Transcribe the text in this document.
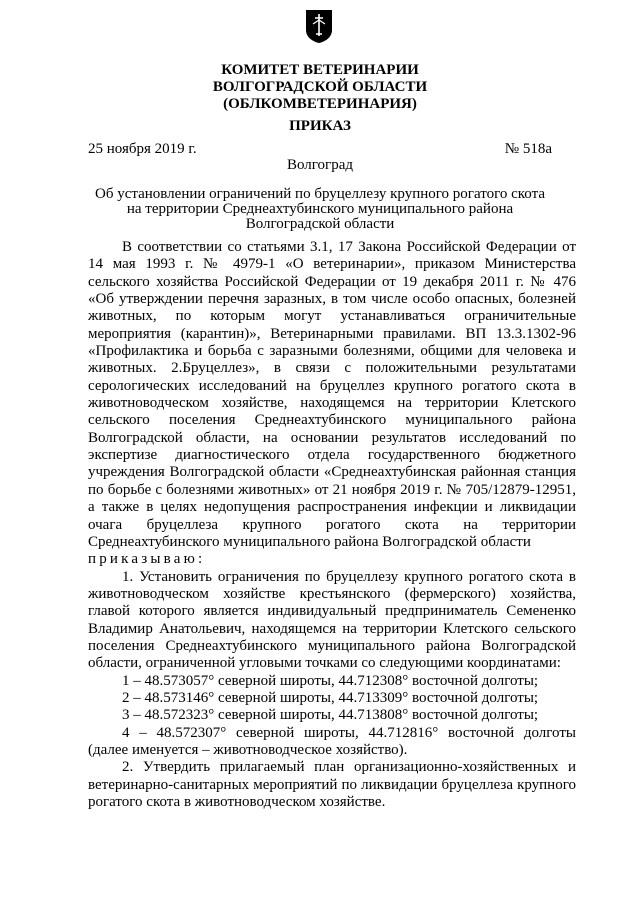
КОМИТЕТ ВЕТЕРИНАРИИ
ВОЛГОГРАДСКОЙ ОБЛАСТИ
(ОБЛКОМВЕТЕРИНАРИЯ)
ПРИКАЗ
25 ноября 2019 г.	№ 518а
Волгоград
Об установлении ограничений по бруцеллезу крупного рогатого скота
на территории Среднеахтубинского муниципального района
Волгоградской области

В соответствии со статьями 3.1, 17 Закона Российской Федерации от 14 мая 1993 г. № 4979-1 «О ветеринарии», приказом Министерства сельского хозяйства Российской Федерации от 19 декабря 2011 г. № 476 «Об утверждении перечня заразных, в том числе особо опасных, болезней животных, по которым могут устанавливаться ограничительные мероприятия (карантин)», Ветеринарными правилами. ВП 13.3.1302-96 «Профилактика и борьба с заразными болезнями, общими для человека и животных. 2.Бруцеллез», в связи с положительными результатами серологических исследований на бруцеллез крупного рогатого скота в животноводческом хозяйстве, находящемся на территории Клетского сельского поселения Среднеахтубинского муниципального района Волгоградской области, на основании результатов исследований по экспертизе диагностического отдела государственного бюджетного учреждения Волгоградской области «Среднеахтубинская районная станция по борьбе с болезнями животных» от 21 ноября 2019 г. № 705/12879-12951, а также в целях недопущения распространения инфекции и ликвидации очага бруцеллеза крупного рогатого скота на территории Среднеахтубинского муниципального района Волгоградской области

приказываю:

1. Установить ограничения по бруцеллезу крупного рогатого скота в животноводческом хозяйстве крестьянского (фермерского) хозяйства, главой которого является индивидуальный предприниматель Семененко Владимир Анатольевич, находящемся на территории Клетского сельского поселения Среднеахтубинского муниципального района Волгоградской области, ограниченной угловыми точками со следующими координатами:

1 – 48.573057° северной широты, 44.712308° восточной долготы;

2 – 48.573146° северной широты, 44.713309° восточной долготы;

3 – 48.572323° северной широты, 44.713808° восточной долготы;

4 – 48.572307° северной широты, 44.712816° восточной долготы (далее именуется – животноводческое хозяйство).

2. Утвердить прилагаемый план организационно-хозяйственных и ветеринарно-санитарных мероприятий по ликвидации бруцеллеза крупного рогатого скота в животноводческом хозяйстве.
